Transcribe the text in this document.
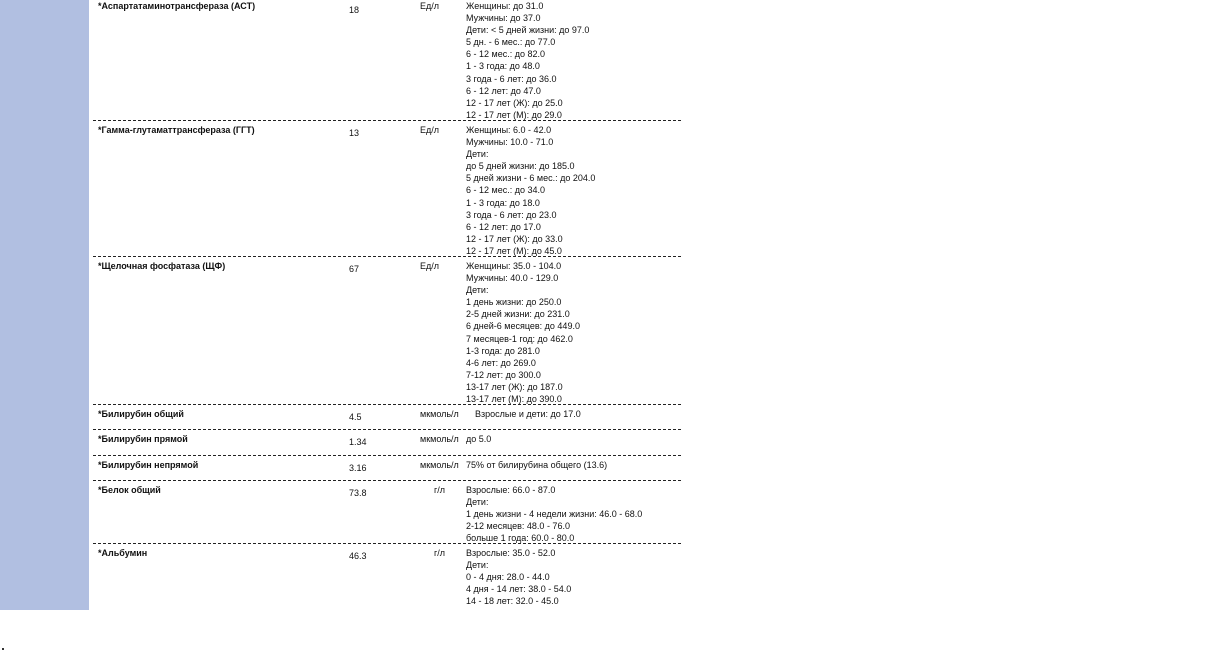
*Аспартатаминотрансфераза (АСТ)	18	Ед/л	Женщины: до 31.0
Мужчины: до 37.0
Дети: < 5 дней жизни: до 97.0
5 дн. - 6 мес.: до 77.0
6 - 12 мес.: до 82.0
1 - 3 года: до 48.0
3 года - 6 лет: до 36.0
6 - 12 лет: до 47.0
12 - 17 лет (Ж): до 25.0
12 - 17 лет (М): до 29.0
*Гамма-глутаматтрансфераза (ГГТ)	13	Ед/л	Женщины: 6.0 - 42.0
Мужчины: 10.0 - 71.0
Дети:
до 5 дней жизни: до 185.0
5 дней жизни - 6 мес.: до 204.0
6 - 12 мес.: до 34.0
1 - 3 года: до 18.0
3 года - 6 лет: до 23.0
6 - 12 лет: до 17.0
12 - 17 лет (Ж): до 33.0
12 - 17 лет (М): до 45.0
*Щелочная фосфатаза (ЩФ)	67	Ед/л	Женщины: 35.0 - 104.0
Мужчины: 40.0 - 129.0
Дети:
1 день жизни: до 250.0
2-5 дней жизни: до 231.0
6 дней-6 месяцев: до 449.0
7 месяцев-1 год: до 462.0
1-3 года: до 281.0
4-6 лет: до 269.0
7-12 лет: до 300.0
13-17 лет (Ж): до 187.0
13-17 лет (М): до 390.0
*Билирубин общий	4.5	мкмоль/л Взрослые и дети: до 17.0
*Билирубин прямой	1.34	мкмоль/л до 5.0
*Билирубин непрямой	3.16	мкмоль/л 75% от билирубина общего (13.6)
*Белок общий	73.8	г/л Взрослые: 66.0 - 87.0
Дети:
1 день жизни - 4 недели жизни: 46.0 - 68.0
2-12 месяцев: 48.0 - 76.0
больше 1 года: 60.0 - 80.0
*Альбумин	46.3	г/л Взрослые: 35.0 - 52.0
Дети:
0 - 4 дня: 28.0 - 44.0
4 дня - 14 лет: 38.0 - 54.0
14 - 18 лет: 32.0 - 45.0
